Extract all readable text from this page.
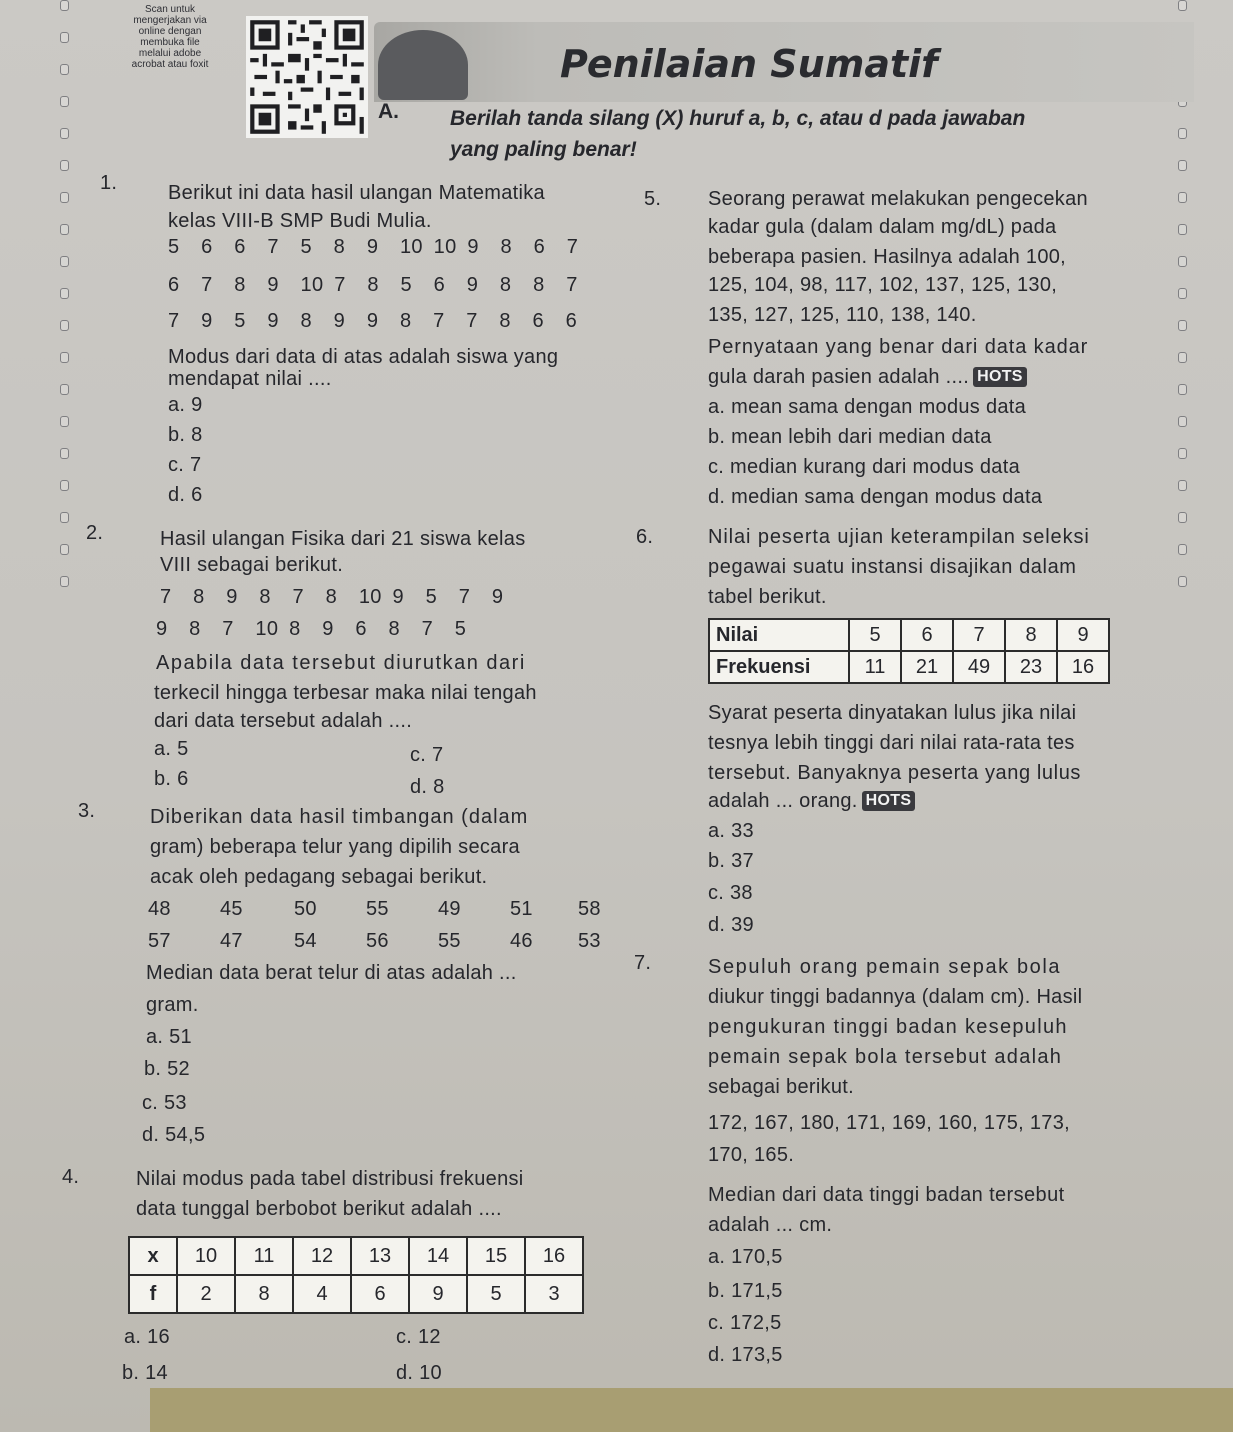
Scan untuk
mengerjakan via
online dengan
membuka file
melalui adobe
acrobat atau foxit	Penilaian Sumatif
A. Berilah tanda silang (X) huruf a, b, c, atau d pada jawaban
yang paling benar!
1.	Berikut ini data hasil ulangan Matematika
kelas VIII-B SMP Budi Mulia.
5  6  6  7  5  8  9  10 10 9  8  6  7
6  7  8  9  10 7  8  5  6  9  8  8  7
7  9  5  9  8  9  9  8  7  7  8  6  6
Modus dari data di atas adalah siswa yang
mendapat nilai ....
a. 9
b. 8
c. 7
d. 6
2.	Hasil ulangan Fisika dari 21 siswa kelas
VIII sebagai berikut.
7  8  9  8  7  8  10 9  5  7  9
9  8  7  10 8  9  6  8  7  5
Apabila data tersebut diurutkan dari
terkecil hingga terbesar maka nilai tengah
dari data tersebut adalah ....
a. 5	c. 7
b. 6	d. 8
3.	Diberikan data hasil timbangan (dalam
gram) beberapa telur yang dipilih secara
acak oleh pedagang sebagai berikut.
48 45	50 55 49 51 58
57 47	54 56 55 46 53
Median data berat telur di atas adalah ...
gram.
a. 51
b. 52
c. 53
d. 54,5
4.	Nilai modus pada tabel distribusi frekuensi
data tunggal berbobot berikut adalah ....
x	10	11	12	13	14	15	16
f	2	8	4	6	9	5	3
a. 16	c. 12
b. 14	d. 10
5. Seorang perawat melakukan pengecekan
kadar gula (dalam dalam mg/dL) pada
beberapa pasien. Hasilnya adalah 100,
125, 104, 98, 117, 102, 137, 125, 130,
135, 127, 125, 110, 138, 140.
Pernyataan yang benar dari data kadar
gula darah pasien adalah .... HOTS
a. mean sama dengan modus data
b. mean lebih dari median data
c. median kurang dari modus data
d. median sama dengan modus data
6.	Nilai peserta ujian keterampilan seleksi
pegawai suatu instansi disajikan dalam
tabel berikut.
Nilai	5	6	7	8	9
Frekuensi	11	21	49	23	16
Syarat peserta dinyatakan lulus jika nilai
tesnya lebih tinggi dari nilai rata-rata tes
tersebut. Banyaknya peserta yang lulus
adalah ... orang. HOTS
a. 33
b. 37
c. 38
d. 39
7.	Sepuluh orang pemain sepak bola
diukur tinggi badannya (dalam cm). Hasil
pengukuran tinggi badan kesepuluh
pemain sepak bola tersebut adalah
sebagai berikut.
172, 167, 180, 171, 169, 160, 175, 173,
170, 165.
Median dari data tinggi badan tersebut
adalah ... cm.
a. 170,5
b. 171,5
c. 172,5
d. 173,5
